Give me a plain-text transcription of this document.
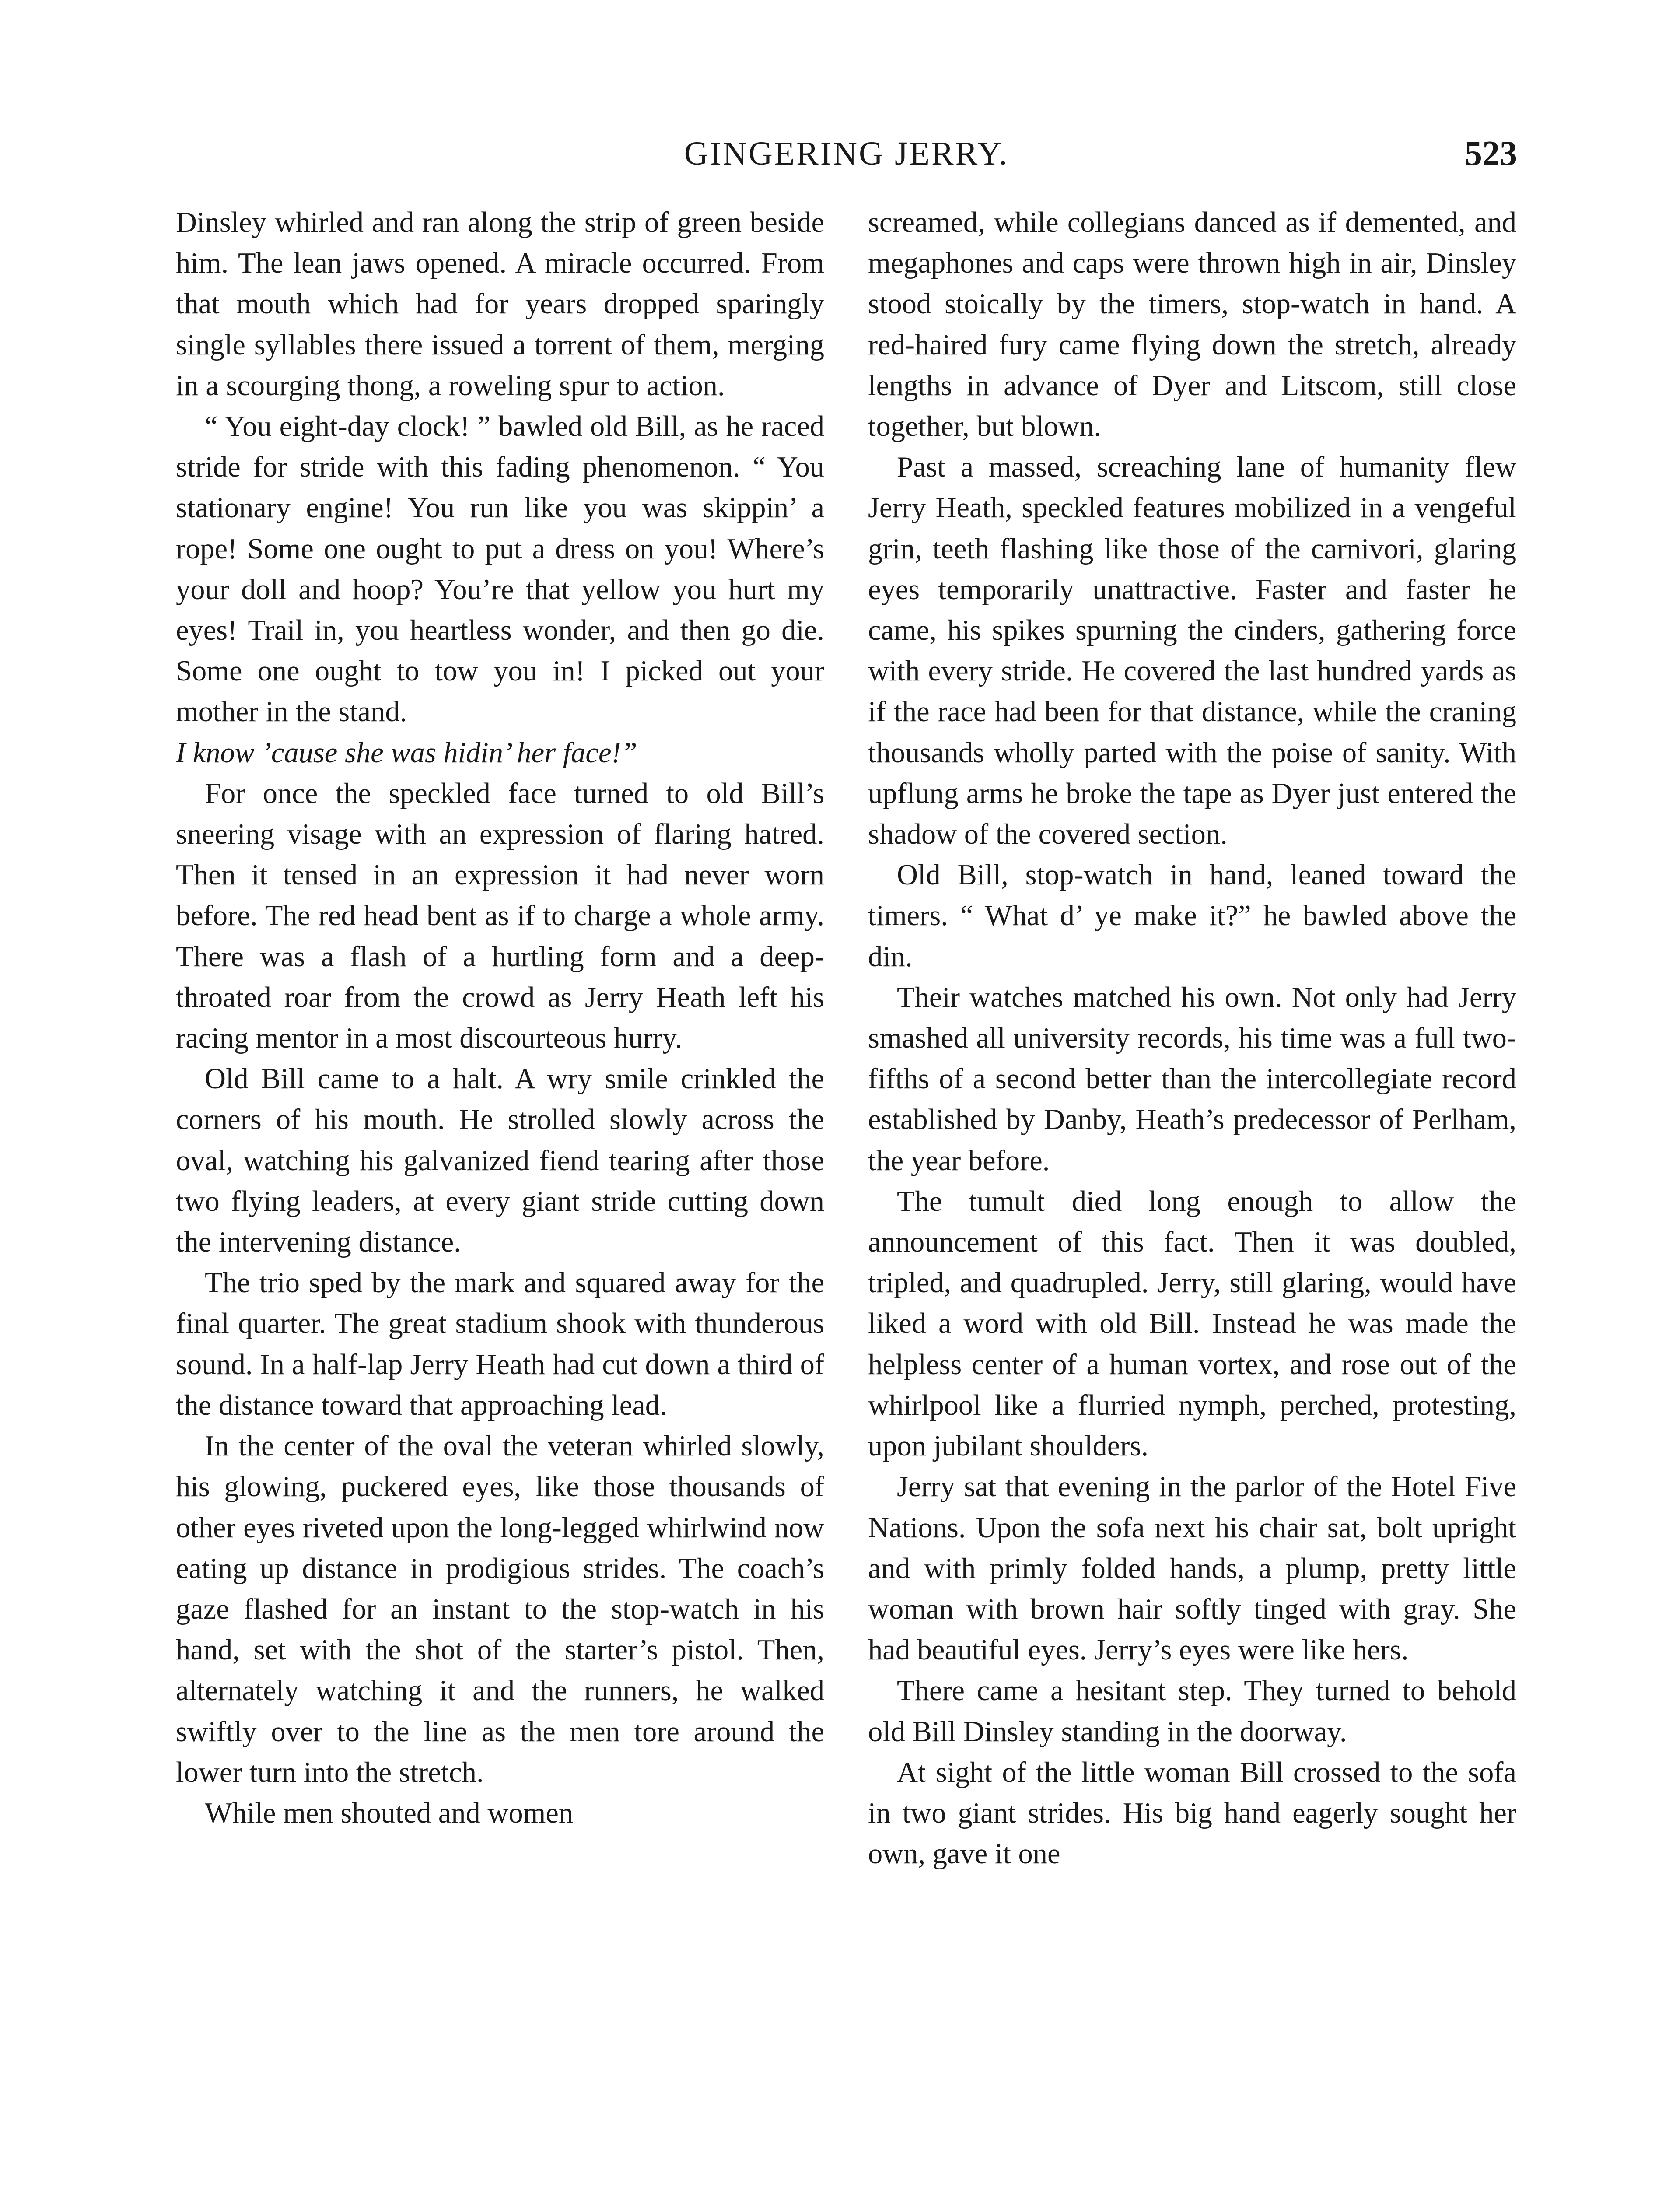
GINGERING JERRY.	523

Dinsley whirled and ran along the strip of green beside him. The lean jaws opened. A miracle occurred. From that mouth which had for years dropped sparingly single syllables there issued a torrent of them, merging in a scourging thong, a roweling spur to action.

“ You eight-day clock! ” bawled old Bill, as he raced stride for stride with this fading phenomenon. “ You stationary engine! You run like you was skippin’ a rope! Some one ought to put a dress on you! Where’s your doll and hoop? You’re that yellow you hurt my eyes! Trail in, you heartless wonder, and then go die. Some one ought to tow you in! I picked out your mother in the stand.

I know ’cause she was hidin’ her face!”

For once the speckled face turned to old Bill’s sneering visage with an expression of flaring hatred. Then it tensed in an expression it had never worn before. The red head bent as if to charge a whole army. There was a flash of a hurtling form and a deep-throated roar from the crowd as Jerry Heath left his racing mentor in a most discourteous hurry.

Old Bill came to a halt. A wry smile crinkled the corners of his mouth. He strolled slowly across the oval, watching his galvanized fiend tearing after those two flying leaders, at every giant stride cutting down the intervening distance.

The trio sped by the mark and squared away for the final quarter. The great stadium shook with thunderous sound. In a half-lap Jerry Heath had cut down a third of the distance toward that approaching lead.

In the center of the oval the veteran whirled slowly, his glowing, puckered eyes, like those thousands of other eyes riveted upon the long-legged whirlwind now eating up distance in prodigious strides. The coach’s gaze flashed for an instant to the stop-watch in his hand, set with the shot of the starter’s pistol. Then, alternately watching it and the runners, he walked swiftly over to the line as the men tore around the lower turn into the stretch.

While men shouted and women

screamed, while collegians danced as if demented, and megaphones and caps were thrown high in air, Dinsley stood stoically by the timers, stop-watch in hand. A red-haired fury came flying down the stretch, already lengths in advance of Dyer and Litscom, still close together, but blown.

Past a massed, screaching lane of humanity flew Jerry Heath, speckled features mobilized in a vengeful grin, teeth flashing like those of the carnivori, glaring eyes temporarily unattractive. Faster and faster he came, his spikes spurning the cinders, gathering force with every stride. He covered the last hundred yards as if the race had been for that distance, while the craning thousands wholly parted with the poise of sanity. With upflung arms he broke the tape as Dyer just entered the shadow of the covered section.

Old Bill, stop-watch in hand, leaned toward the timers. “ What d’ ye make it?” he bawled above the din.

Their watches matched his own. Not only had Jerry smashed all university records, his time was a full two-fifths of a second better than the intercollegiate record established by Danby, Heath’s predecessor of Perlham, the year before.

The tumult died long enough to allow the announcement of this fact. Then it was doubled, tripled, and quadrupled. Jerry, still glaring, would have liked a word with old Bill. Instead he was made the helpless center of a human vortex, and rose out of the whirlpool like a flurried nymph, perched, protesting, upon jubilant shoulders.

Jerry sat that evening in the parlor of the Hotel Five Nations. Upon the sofa next his chair sat, bolt upright and with primly folded hands, a plump, pretty little woman with brown hair softly tinged with gray. She had beautiful eyes. Jerry’s eyes were like hers.

There came a hesitant step. They turned to behold old Bill Dinsley standing in the doorway.

At sight of the little woman Bill crossed to the sofa in two giant strides. His big hand eagerly sought her own, gave it one
